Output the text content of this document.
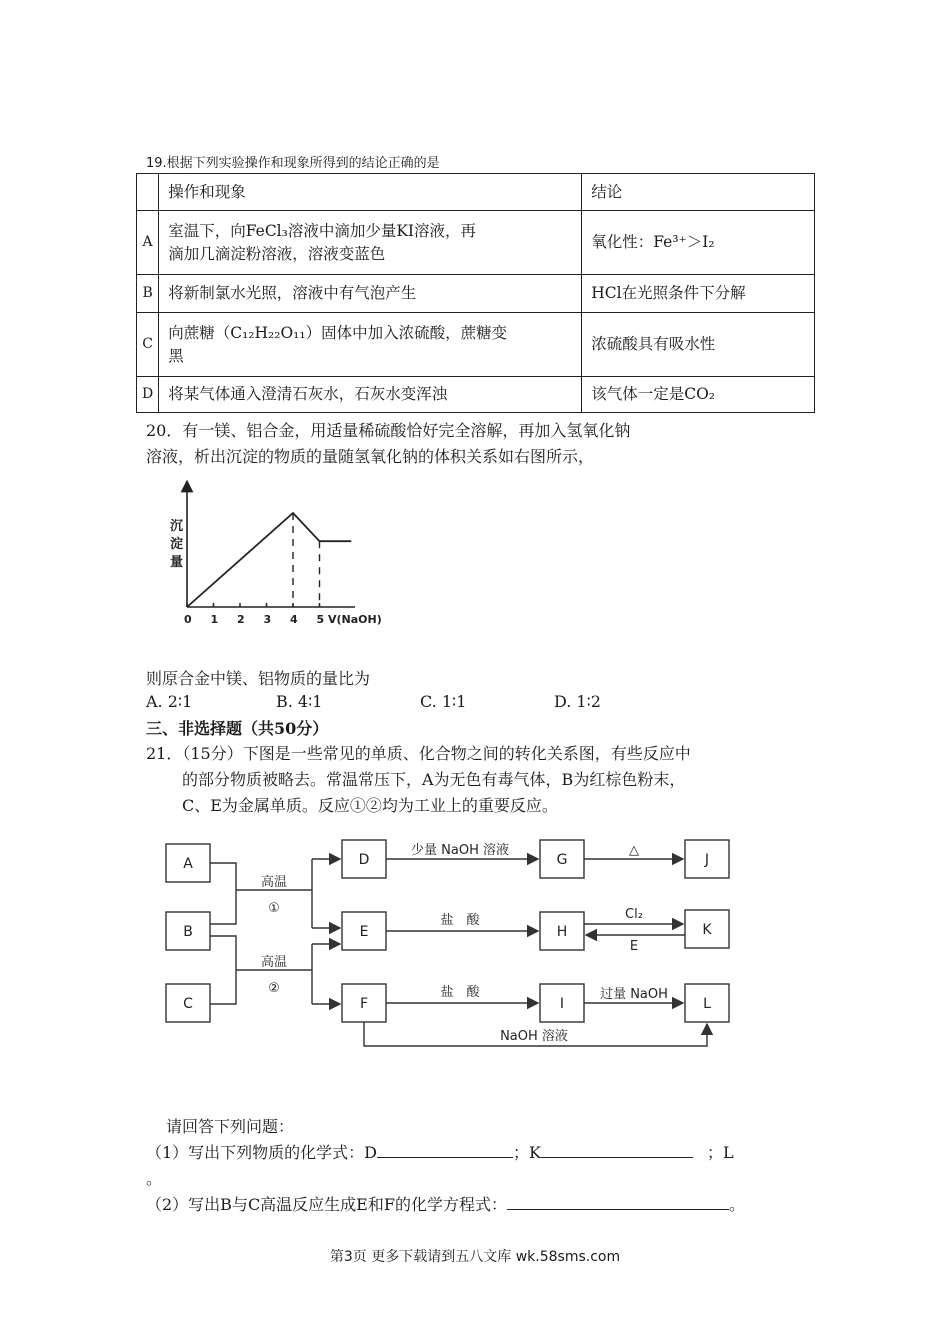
19.根据下列实验操作和现象所得到的结论正确的是
	操作和现象	结论
A	室温下，向FeCl₃溶液中滴加少量KI溶液，再
滴加几滴淀粉溶液，溶液变蓝色	氧化性：Fe³⁺＞I₂
B	将新制氯水光照，溶液中有气泡产生	HCl在光照条件下分解
C	向蔗糖（C₁₂H₂₂O₁₁）固体中加入浓硫酸，蔗糖变
黑	浓硫酸具有吸水性
D	将某气体通入澄清石灰水，石灰水变浑浊	该气体一定是CO₂
20．有一镁、铝合金，用适量稀硫酸恰好完全溶解，再加入氢氧化钠
溶液，析出沉淀的物质的量随氢氧化钠的体积关系如右图所示，
沉
淀
量
0 1 2 3 4 5 V(NaOH)
则原合金中镁、铝物质的量比为
A. 2∶1	B. 4∶1	C. 1∶1	D. 1∶2
三、非选择题（共50分）
21．（15分）下图是一些常见的单质、化合物之间的转化关系图，有些反应中
的部分物质被略去。常温常压下，A为无色有毒气体，B为红棕色粉末，
C、E为金属单质。反应①②均为工业上的重要反应。
A
B
C
D
E
F
G
H
I
J
K
L
高温
①
高温
②
少量 NaOH 溶液	△
盐　酸	Cl₂
E
盐　酸	过量 NaOH
NaOH 溶液
请回答下列问题：
（1）写出下列物质的化学式：D	；K	；L
。
（2）写出B与C高温反应生成E和F的化学方程式：	。
第3页 更多下载请到五八文库 wk.58sms.com
